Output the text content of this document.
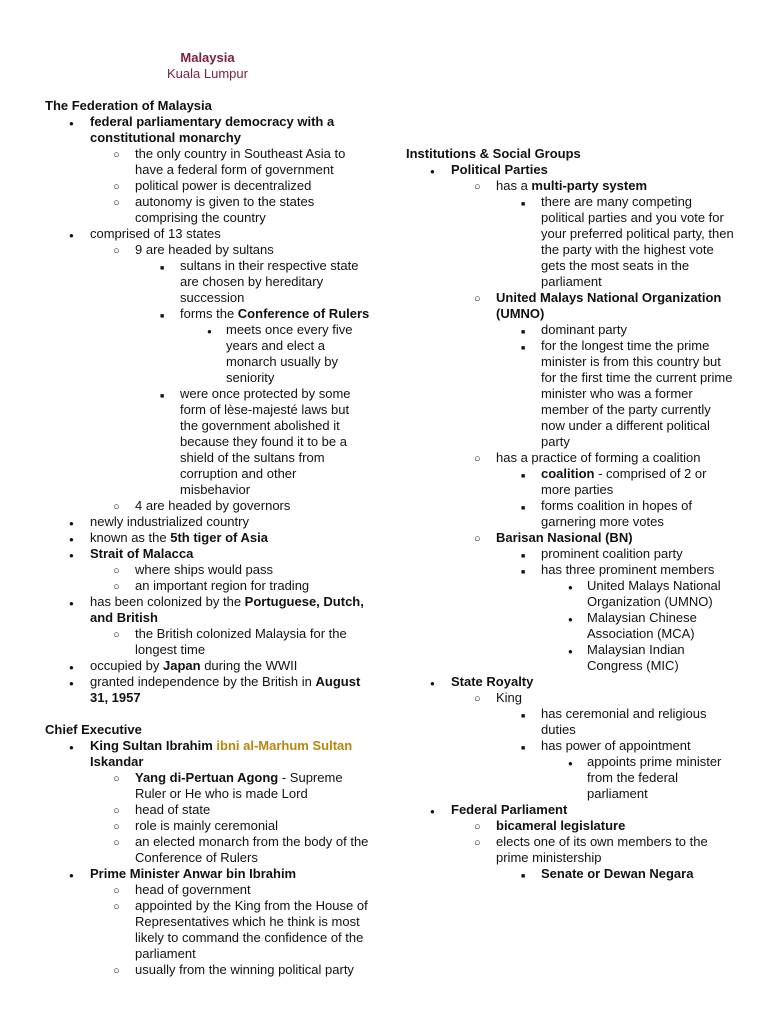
Malaysia
Kuala Lumpur
The Federation of Malaysia
●
federal parliamentary democracy with a constitutional monarchy
○
the only country in Southeast Asia to have a federal form of government
○
political power is decentralized
○
autonomy is given to the states comprising the country
●
comprised of 13 states
○
9 are headed by sultans
■
sultans in their respective state are chosen by hereditary succession
■
forms the Conference of Rulers
●
meets once every five years and elect a monarch usually by seniority
■
were once protected by some form of lèse-majesté laws but the government abolished it because they found it to be a shield of the sultans from corruption and other misbehavior
○
4 are headed by governors
●
newly industrialized country
●
known as the 5th tiger of Asia
●
Strait of Malacca
○
where ships would pass
○
an important region for trading
●
has been colonized by the Portuguese, Dutch, and British
○
the British colonized Malaysia for the longest time
●
occupied by Japan during the WWII
●
granted independence by the British in August 31, 1957
Chief Executive
●
King Sultan Ibrahim ibni al-Marhum Sultan Iskandar
○
Yang di-Pertuan Agong - Supreme Ruler or He who is made Lord
○
head of state
○
role is mainly ceremonial
○
an elected monarch from the body of the Conference of Rulers
●
Prime Minister Anwar bin Ibrahim
○
head of government
○
appointed by the King from the House of Representatives which he think is most likely to command the confidence of the parliament
○
usually from the winning political party
Institutions & Social Groups
●
Political Parties
○
has a multi-party system
■
there are many competing political parties and you vote for your preferred political party, then the party with the highest vote gets the most seats in the parliament
○
United Malays National Organization (UMNO)
■
dominant party
■
for the longest time the prime minister is from this country but for the first time the current prime minister who was a former member of the party currently now under a different political party
○
has a practice of forming a coalition
■
coalition - comprised of 2 or more parties
■
forms coalition in hopes of garnering more votes
○
Barisan Nasional (BN)
■
prominent coalition party
■
has three prominent members
●
United Malays National Organization (UMNO)
●
Malaysian Chinese Association (MCA)
●
Malaysian Indian Congress (MIC)
●
State Royalty
○
King
■
has ceremonial and religious duties
■
has power of appointment
●
appoints prime minister from the federal parliament
●
Federal Parliament
○
bicameral legislature
○
elects one of its own members to the prime ministership
■
Senate or Dewan Negara
